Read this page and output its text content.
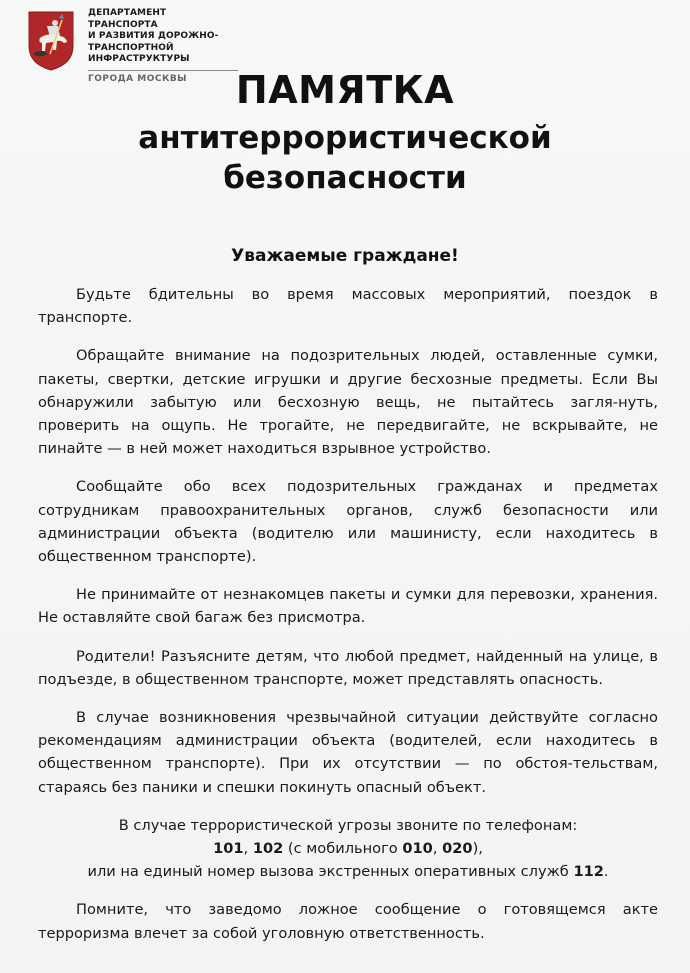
ДЕПАРТАМЕНТ ТРАНСПОРТА
И РАЗВИТИЯ ДОРОЖНО-
ТРАНСПОРТНОЙ
ИНФРАСТРУКТУРЫ
ГОРОДА МОСКВЫ	ПАМЯТКА
антитеррористической
безопасности
Уважаемые граждане!

Будьте бдительны во время массовых мероприятий, поездок в транспорте.

Обращайте внимание на подозрительных людей, оставленные сумки, пакеты, свертки, детские игрушки и другие бесхозные предметы. Если Вы обнаружили забытую или бесхозную вещь, не пытайтесь загля-нуть, проверить на ощупь. Не трогайте, не передвигайте, не вскрывайте, не пинайте — в ней может находиться взрывное устройство.

Сообщайте обо всех подозрительных гражданах и предметах сотрудникам правоохранительных органов, служб безопасности или администрации объекта (водителю или машинисту, если находитесь в общественном транспорте).

Не принимайте от незнакомцев пакеты и сумки для перевозки, хранения. Не оставляйте свой багаж без присмотра.

Родители! Разъясните детям, что любой предмет, найденный на улице, в подъезде, в общественном транспорте, может представлять опасность.

В случае возникновения чрезвычайной ситуации действуйте согласно рекомендациям администрации объекта (водителей, если находитесь в общественном транспорте). При их отсутствии — по обстоя-тельствам, стараясь без паники и спешки покинуть опасный объект.

В случае террористической угрозы звоните по телефонам:
101, 102 (с мобильного 010, 020),
или на единый номер вызова экстренных оперативных служб 112.

Помните, что заведомо ложное сообщение о готовящемся акте терроризма влечет за собой уголовную ответственность.
